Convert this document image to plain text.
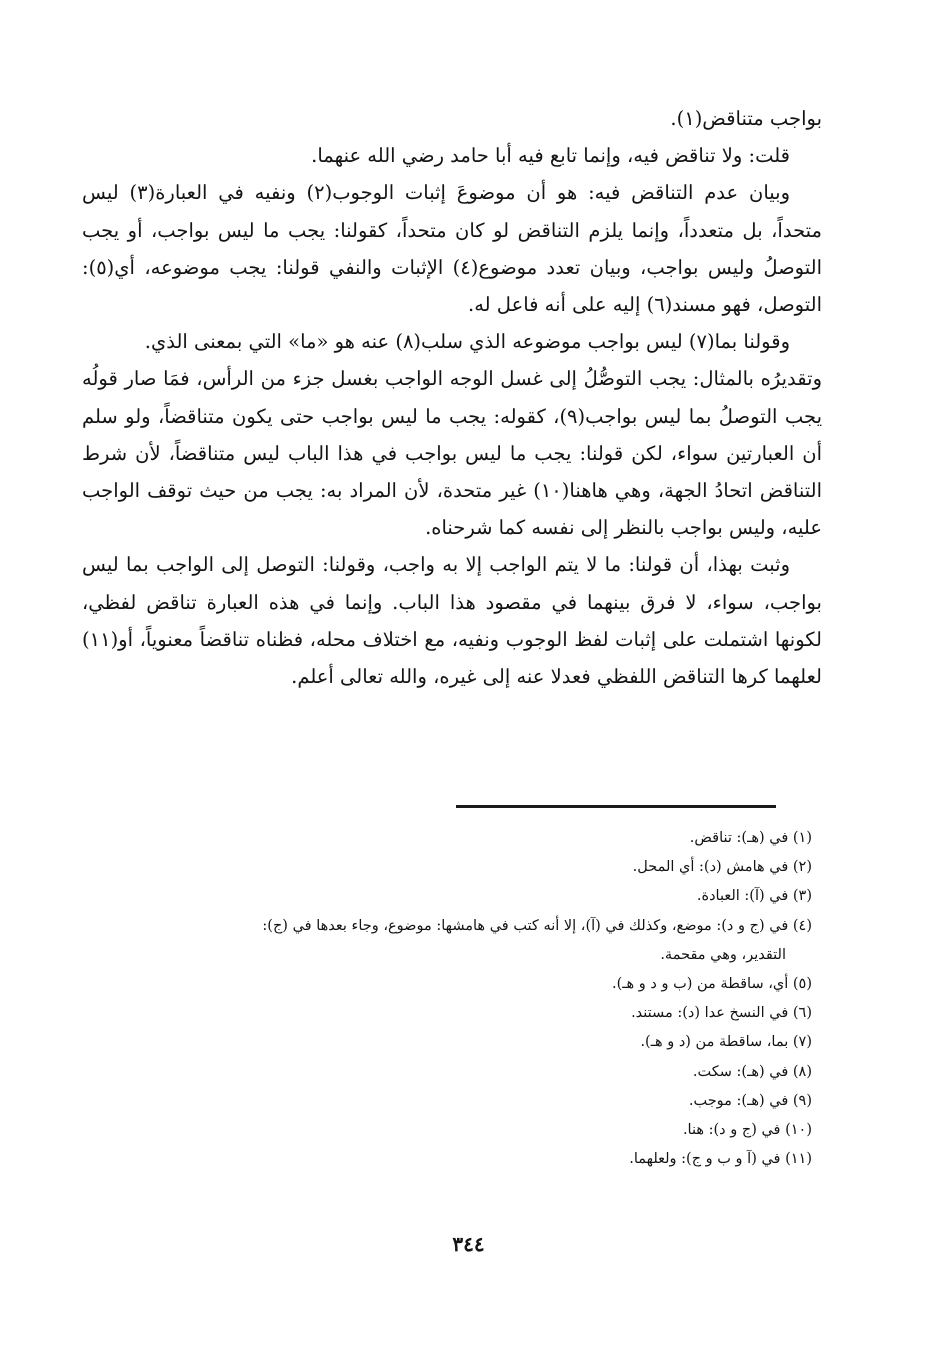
بواجب متناقض(١).

قلت: ولا تناقض فيه، وإنما تابع فيه أبا حامد رضي الله عنهما.

وبيان عدم التناقض فيه: هو أن موضوعَ إثبات الوجوب(٢) ونفيه في العبارة(٣) ليس متحداً، بل متعدداً، وإنما يلزم التناقض لو كان متحداً، كقولنا: يجب ما ليس بواجب، أو يجب التوصلُ وليس بواجب، وبيان تعدد موضوع(٤) الإثبات والنفي قولنا: يجب موضوعه، أي(٥): التوصل، فهو مسند(٦) إليه على أنه فاعل له.

وقولنا بما(٧) ليس بواجب موضوعه الذي سلب(٨) عنه هو «ما» التي بمعنى الذي.

وتقديرُه بالمثال: يجب التوصُّلُ إلى غسل الوجه الواجب بغسل جزء من الرأس، فمَا صار قولُه يجب التوصلُ بما ليس بواجب(٩)، كقوله: يجب ما ليس بواجب حتى يكون متناقضاً، ولو سلم أن العبارتين سواء، لكن قولنا: يجب ما ليس بواجب في هذا الباب ليس متناقضاً، لأن شرط التناقض اتحادُ الجهة، وهي هاهنا(١٠) غير متحدة، لأن المراد به: يجب من حيث توقف الواجب عليه، وليس بواجب بالنظر إلى نفسه كما شرحناه.

وثبت بهذا، أن قولنا: ما لا يتم الواجب إلا به واجب، وقولنا: التوصل إلى الواجب بما ليس بواجب، سواء، لا فرق بينهما في مقصود هذا الباب. وإنما في هذه العبارة تناقض لفظي، لكونها اشتملت على إثبات لفظ الوجوب ونفيه، مع اختلاف محله، فظناه تناقضاً معنوياً، أو(١١) لعلهما كرها التناقض اللفظي فعدلا عنه إلى غيره، والله تعالى أعلم.

(١) في (هـ): تناقض.

(٢) في هامش (د): أي المحل.

(٣) في (آ): العبادة.

(٤) في (ج و د): موضع، وكذلك في (آ)، إلا أنه كتب في هامشها: موضوع، وجاء بعدها في (ج):
التقدير، وهي مقحمة.

(٥) أي، ساقطة من (ب و د و هـ).

(٦) في النسخ عدا (د): مستند.

(٧) بما، ساقطة من (د و هـ).

(٨) في (هـ): سكت.

(٩) في (هـ): موجب.

(١٠) في (ج و د): هنا.

(١١) في (آ و ب و ج): ولعلهما.

٣٤٤
